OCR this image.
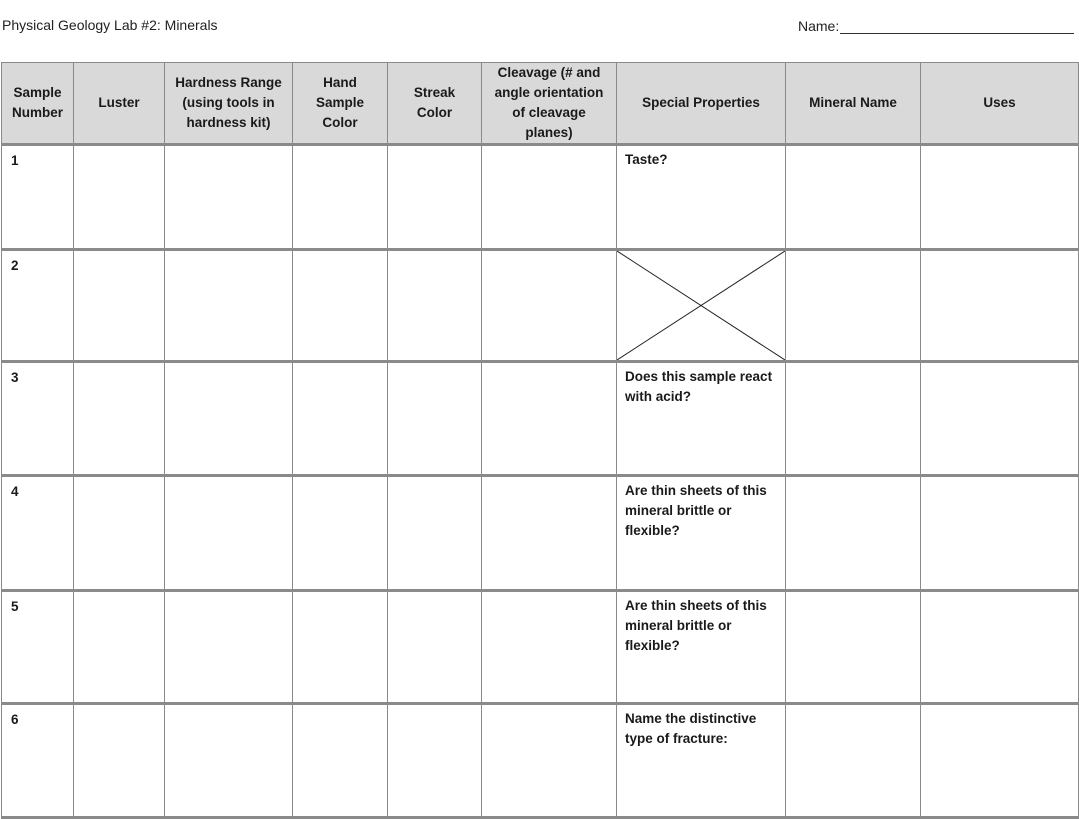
Physical Geology Lab #2: Minerals	Name:
Sample Number	Luster	Hardness Range (using tools in hardness kit)	Hand Sample Color	Streak Color	Cleavage (# and angle orientation of cleavage planes)	Special Properties	Mineral Name	Uses
1						Taste?		
2						

3						Does this sample react with acid?		
4						Are thin sheets of this mineral brittle or flexible?		
5						Are thin sheets of this mineral brittle or flexible?		
6						Name the distinctive type of fracture:		
